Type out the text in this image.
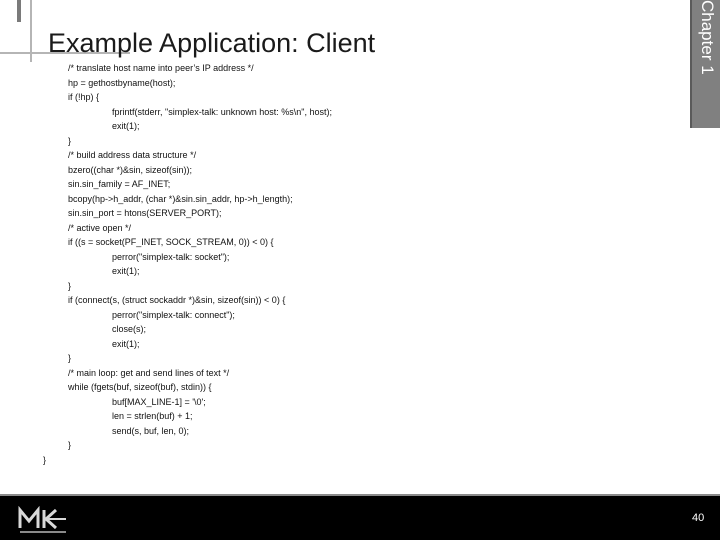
Chapter 1
Example Application: Client
/* translate host name into peer’s IP address */
hp = gethostbyname(host);
if (!hp) {
fprintf(stderr, "simplex-talk: unknown host: %s\n", host);
exit(1);
}
/* build address data structure */
bzero((char *)&sin, sizeof(sin));
sin.sin_family = AF_INET;
bcopy(hp->h_addr, (char *)&sin.sin_addr, hp->h_length);
sin.sin_port = htons(SERVER_PORT);
/* active open */
if ((s = socket(PF_INET, SOCK_STREAM, 0)) < 0) {
perror("simplex-talk: socket");
exit(1);
}
if (connect(s, (struct sockaddr *)&sin, sizeof(sin)) < 0) {
perror("simplex-talk: connect");
close(s);
exit(1);
}
/* main loop: get and send lines of text */
while (fgets(buf, sizeof(buf), stdin)) {
buf[MAX_LINE-1] = '\0';
len = strlen(buf) + 1;
send(s, buf, len, 0);
}
}
40
